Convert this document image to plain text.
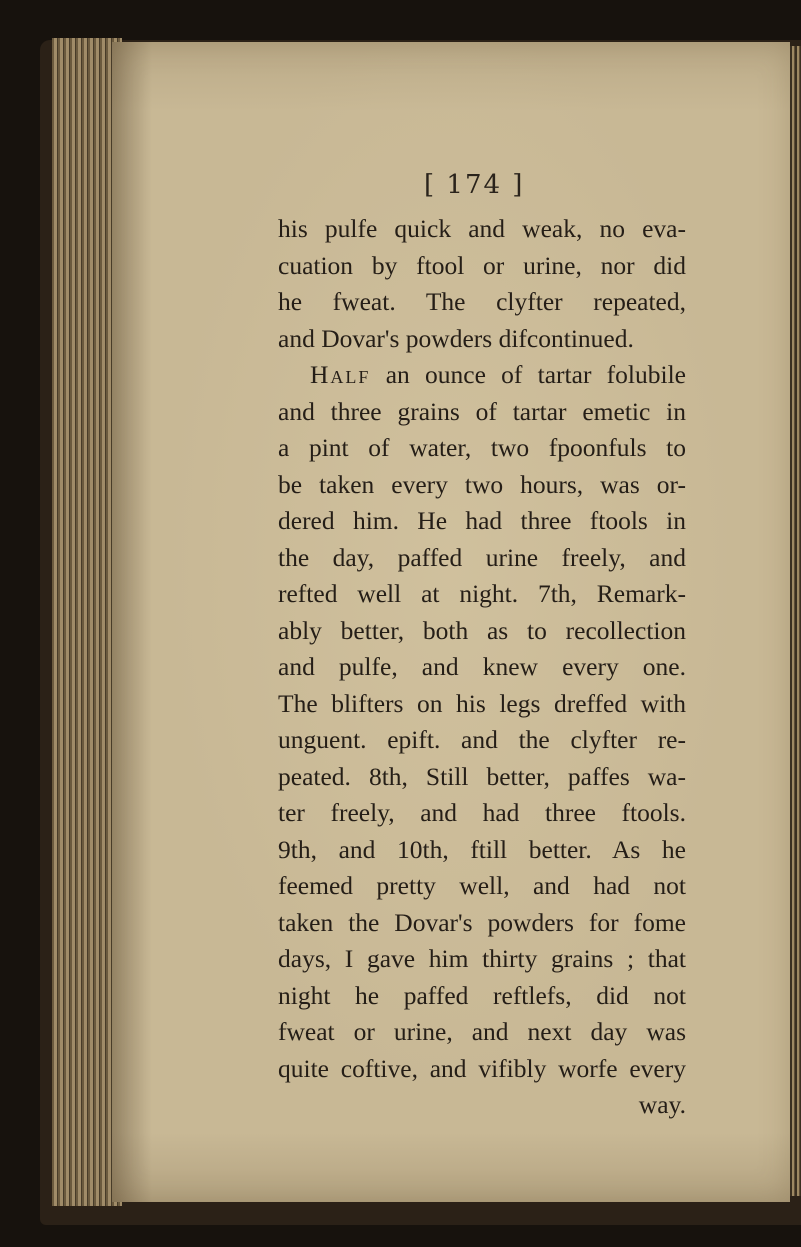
[ 174 ]
his pulfe quick and weak, no eva-
cuation by ftool or urine, nor did
he fweat. The clyfter repeated,
and Dovar's powders difcontinued.
Half an ounce of tartar folubile
and three grains of tartar emetic in
a pint of water, two fpoonfuls to
be taken every two hours, was or-
dered him. He had three ftools in
the day, paffed urine freely, and
refted well at night. 7th, Remark-
ably better, both as to recollection
and pulfe, and knew every one.
The blifters on his legs dreffed with
unguent. epift. and the clyfter re-
peated. 8th, Still better, paffes wa-
ter freely, and had three ftools.
9th, and 10th, ftill better. As he
feemed pretty well, and had not
taken the Dovar's powders for fome
days, I gave him thirty grains ; that
night he paffed reftlefs, did not
fweat or urine, and next day was
quite coftive, and vifibly worfe every
way.
